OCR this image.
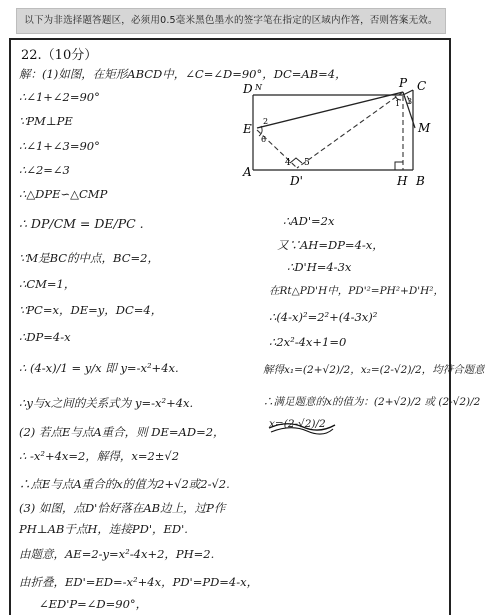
以下为非选择题答题区，必须用0.5毫米黑色墨水的签字笔在指定的区域内作答，否则答案无效。
22.（10分）
D N	P C
E	M
A
D'	H B
1 3
2
6
4 5
解：(1)如图，在矩形ABCD中，∠C=∠D=90°，DC=AB=4，
∴∠1+∠2=90°
∵PM⊥PE
∴∠1+∠3=90°
∴∠2=∠3
∴△DPE∽△CMP
∴ DP/CM = DE/PC .
∵M是BC的中点，BC=2，
∴CM=1，
∵PC=x，DE=y，DC=4，
∴DP=4-x
∴ (4-x)/1 = y/x 即 y=-x²+4x.
∴y与x之间的关系式为 y=-x²+4x.
(2) 若点E与点A重合，则 DE=AD=2，
∴ -x²+4x=2，解得，x=2±√2
∴点E与点A重合的x的值为2+√2或2-√2.
(3) 如图，点D'恰好落在AB边上，过P作
PH⊥AB于点H，连接PD'，ED'.
由题意，AE=2-y=x²-4x+2，PH=2.
由折叠，ED'=ED=-x²+4x，PD'=PD=4-x，
∠ED'P=∠D=90°，
∴AD'=2x
又∵AH=DP=4-x，
∴D'H=4-3x
在Rt△PD'H中，PD'²=PH²+D'H²，
∴(4-x)²=2²+(4-3x)²
∴2x²-4x+1=0
解得x₁=(2+√2)/2，x₂=(2-√2)/2，均符合题意
∴满足题意的x的值为：(2+√2)/2 或 (2-√2)/2
x=(2-√2)/2
